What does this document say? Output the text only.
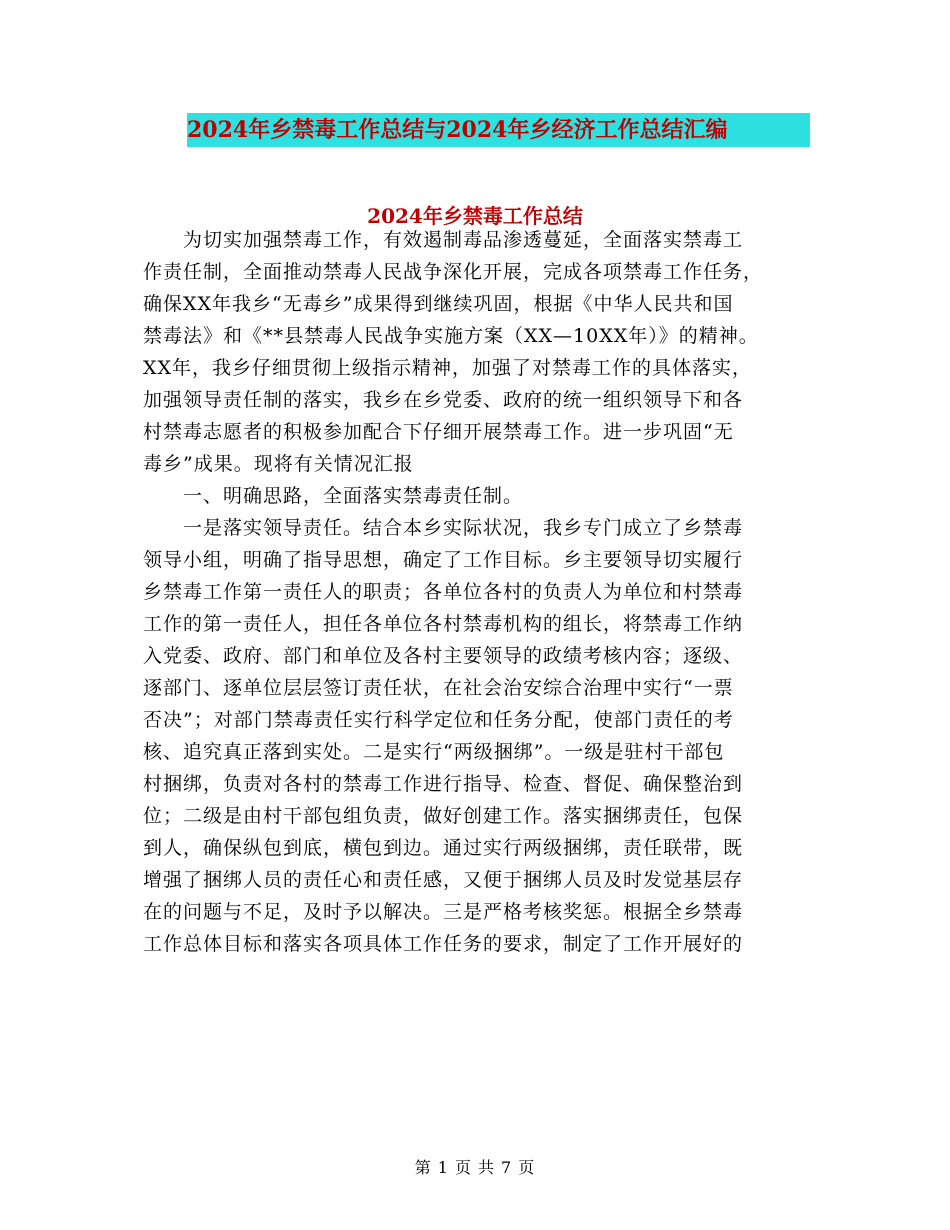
2024年乡禁毒工作总结与2024年乡经济工作总结汇编
2024年乡禁毒工作总结
为切实加强禁毒工作，有效遏制毒品渗透蔓延，全面落实禁毒工
作责任制，全面推动禁毒人民战争深化开展，完成各项禁毒工作任务，
确保XX年我乡“无毒乡”成果得到继续巩固，根据《中华人民共和国
禁毒法》和《**县禁毒人民战争实施方案（XX—10XX年）》的精神。
XX年，我乡仔细贯彻上级指示精神，加强了对禁毒工作的具体落实，
加强领导责任制的落实，我乡在乡党委、政府的统一组织领导下和各
村禁毒志愿者的积极参加配合下仔细开展禁毒工作。进一步巩固“无
毒乡”成果。现将有关情况汇报
一、明确思路，全面落实禁毒责任制。
一是落实领导责任。结合本乡实际状况，我乡专门成立了乡禁毒
领导小组，明确了指导思想，确定了工作目标。乡主要领导切实履行
乡禁毒工作第一责任人的职责；各单位各村的负责人为单位和村禁毒
工作的第一责任人，担任各单位各村禁毒机构的组长，将禁毒工作纳
入党委、政府、部门和单位及各村主要领导的政绩考核内容；逐级、
逐部门、逐单位层层签订责任状，在社会治安综合治理中实行“一票
否决”；对部门禁毒责任实行科学定位和任务分配，使部门责任的考
核、追究真正落到实处。二是实行“两级捆绑”。一级是驻村干部包
村捆绑，负责对各村的禁毒工作进行指导、检查、督促、确保整治到
位；二级是由村干部包组负责，做好创建工作。落实捆绑责任，包保
到人，确保纵包到底，横包到边。通过实行两级捆绑，责任联带，既
增强了捆绑人员的责任心和责任感，又便于捆绑人员及时发觉基层存
在的问题与不足，及时予以解决。三是严格考核奖惩。根据全乡禁毒
工作总体目标和落实各项具体工作任务的要求，制定了工作开展好的
第 1 页 共 7 页
